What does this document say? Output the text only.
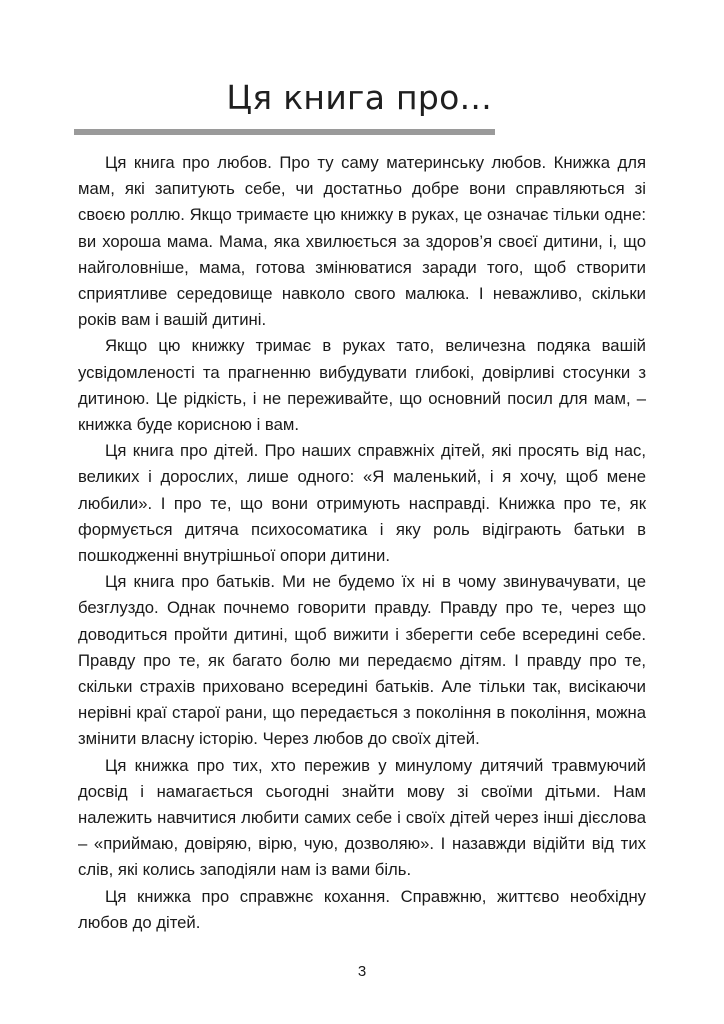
Ця книга про...

Ця книга про любов. Про ту саму материнську любов. Книжка для мам, які запитують себе, чи достатньо добре вони справляються зі своєю роллю. Якщо тримаєте цю книжку в руках, це означає тільки одне: ви хороша мама. Мама, яка хвилюється за здоров’я своєї дитини, і, що найголовніше, мама, готова змінюватися заради того, щоб створити сприятливе середовище навколо свого малюка. І неважливо, скільки років вам і вашій дитині.

Якщо цю книжку тримає в руках тато, величезна подяка вашій усвідомленості та прагненню вибудувати глибокі, довірливі стосунки з дитиною. Це рідкість, і не переживайте, що основний посил для мам, – книжка буде корисною і вам.

Ця книга про дітей. Про наших справжніх дітей, які просять від нас, великих і дорослих, лише одного: «Я маленький, і я хочу, щоб мене любили». І про те, що вони отримують насправді. Книжка про те, як формується дитяча психосоматика і яку роль відіграють батьки в пошкодженні внутрішньої опори дитини.

Ця книга про батьків. Ми не будемо їх ні в чому звинувачувати, це безглуздо. Однак почнемо говорити правду. Правду про те, через що доводиться пройти дитині, щоб вижити і зберегти себе всередині себе. Правду про те, як багато болю ми передаємо дітям. І правду про те, скільки страхів приховано всередині батьків. Але тільки так, висікаючи нерівні краї старої рани, що передається з покоління в покоління, можна змінити власну історію. Через любов до своїх дітей.

Ця книжка про тих, хто пережив у минулому дитячий травмуючий досвід і намагається сьогодні знайти мову зі своїми дітьми. Нам належить навчитися любити самих себе і своїх дітей через інші дієслова – «приймаю, довіряю, вірю, чую, дозволяю». І назавжди відійти від тих слів, які колись заподіяли нам із вами біль.

Ця книжка про справжнє кохання. Справжню, життєво необхідну любов до дітей.

3
